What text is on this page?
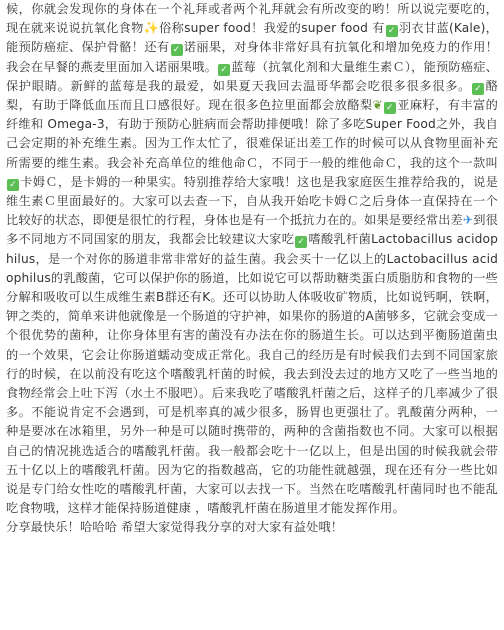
候，你就会发现你的身体在一个礼拜或者两个礼拜就会有所改变的哟！所以说完要吃的，现在就来说说抗氧化食物✨俗称super food！我爱的super food 有 ✓ 羽衣甘蓝(Kale)，能预防癌症、保护骨骼！还有 ✓ 诺丽果，对身体非常好具有抗氧化和增加免疫力的作用！我会在早餐的燕麦里面加入诺丽果哦。 ✓ 蓝莓（抗氧化剂和大量维生素Ｃ），能预防癌症、保护眼睛。新鲜的蓝莓是我的最爱，如果夏天我回去温哥华都会吃很多很多很多。 ✓ 酪梨，有助于降低血压而且口感很好。现在很多色拉里面都会放酪梨❦ ✓ 亚麻籽，有丰富的纤维和 Omega-3，有助于预防心脏病而会帮助排便哦！除了多吃Super Food之外，我自己会定期的补充维生素。因为工作太忙了，很难保证出差工作的时候可以从食物里面补充所需要的维生素。我会补充高单位的维他命Ｃ，不同于一般的维他命Ｃ，我的这个一款叫✓ 卡姆Ｃ，是卡姆的一种果实。特别推荐给大家哦！这也是我家庭医生推荐给我的，说是维生素Ｃ里面最好的。大家可以去查一下，自从我开始吃卡姆Ｃ之后身体一直保持在一个比较好的状态，即便是很忙的行程，身体也是有一个抵抗力在的。如果是要经常出差✈到很多不同地方不同国家的朋友，我都会比较建议大家吃 ✓ 嗜酸乳杆菌Lactobacillus acidophilus，是一个对你的肠道非常非常好的益生菌。我会买十一亿以上的Lactobacillus acidophilus的乳酸菌，它可以保护你的肠道，比如说它可以帮助糖类蛋白质脂肪和食物的一些分解和吸收可以生成维生素B群还有K。还可以协助人体吸收矿物质，比如说钙啊，铁啊，钾之类的，简单来讲他就像是一个肠道的守护神，如果你的肠道的A菌够多，它就会变成一个很优势的菌种，让你身体里有害的菌没有办法在你的肠道生长。可以达到平衡肠道菌虫的一个效果，它会让你肠道蠕动变成正常化。我自己的经历是有时候我们去到不同国家旅行的时候，在以前没有吃这个嗜酸乳杆菌的时候，我去到没去过的地方又吃了一些当地的食物经常会上吐下泻（水土不服吧）。后来我吃了嗜酸乳杆菌之后，这样子的几率减少了很多。不能说肯定不会遇到，可是机率真的减少很多，肠胃也更强壮了。乳酸菌分两种，一种是要冰在冰箱里，另外一种是可以随时携带的，两种的含菌指数也不同。大家可以根据自己的情况挑选适合的嗜酸乳杆菌。我一般都会吃十一亿以上，但是出国的时候我就会带五十亿以上的嗜酸乳杆菌。因为它的指数越高，它的功能性就越强，现在还有分一些比如说是专门给女性吃的嗜酸乳杆菌，大家可以去找一下。当然在吃嗜酸乳杆菌同时也不能乱吃食物哦，这样才能保持肠道健康 ，嗜酸乳杆菌在肠道里才能发挥作用。

分享最快乐！哈哈哈 希望大家觉得我分享的对大家有益处哦！
